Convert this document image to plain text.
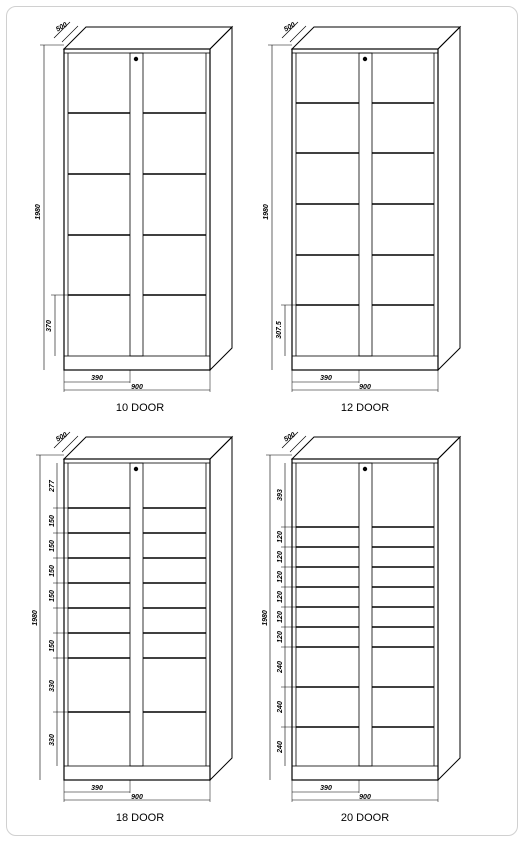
500
1980
370
390
900
10 DOOR
500
1980
307.5
390
900
12 DOOR
500
1980
277
150
150
150
150
150
330
330
390
900
18 DOOR
500
1980
393
120
120
120
120
120
120
240
240
240
390
900
20 DOOR
